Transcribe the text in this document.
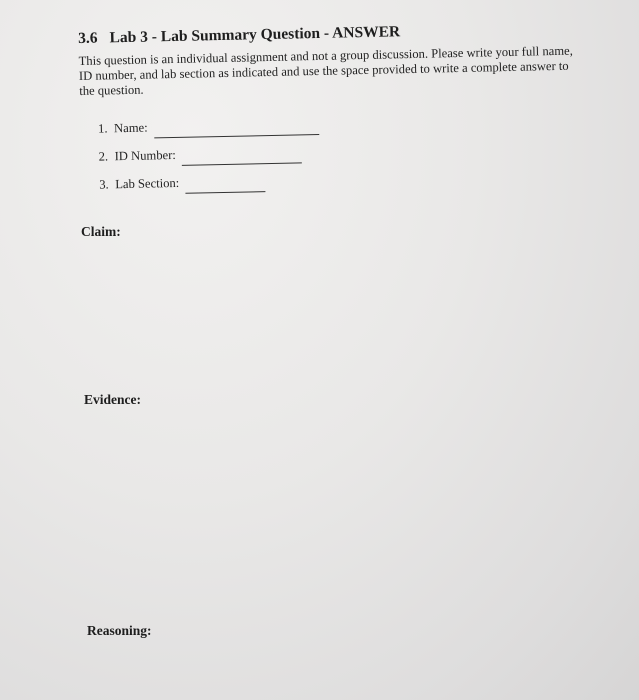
3.6 Lab 3 - Lab Summary Question - ANSWER

This question is an individual assignment and not a group discussion. Please write your full name, ID number, and lab section as indicated and use the space provided to write a complete answer to the question.

1. Name:
2. ID Number:
3. Lab Section:
Claim:
Evidence:
Reasoning:
